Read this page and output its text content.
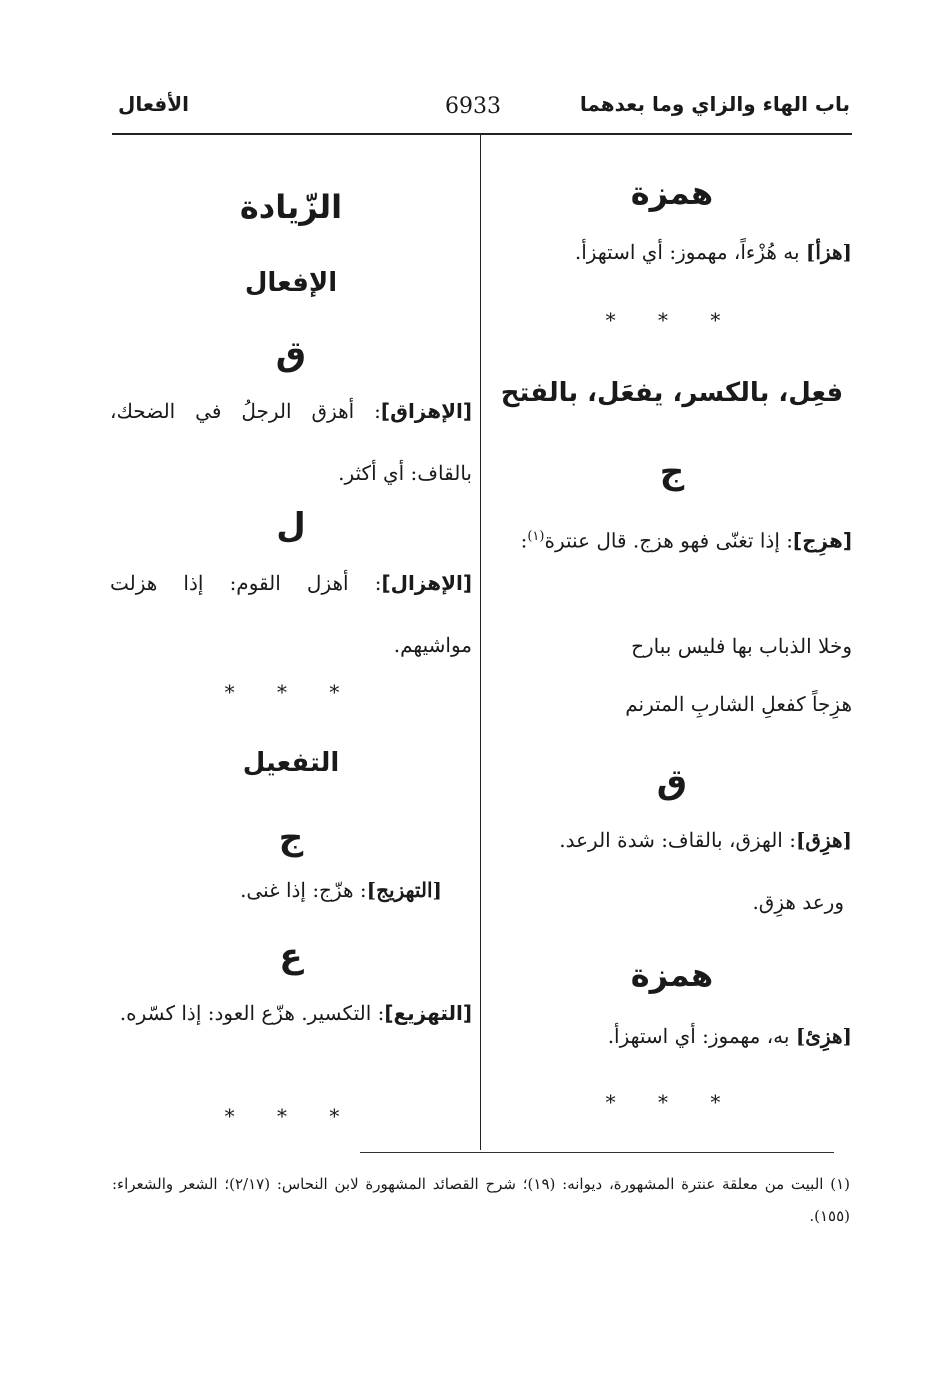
باب الهاء والزاي وما بعدهما
6933
الأفعال
همزة

[هزأ] به هُزْءاً، مهموز: أي استهزأ.

* * *
فعِل، بالكسر، يفعَل، بالفتح
ج

[هزِج]: إذا تغنّى فهو هزج. قال عنترة$^{(١)}$:

وخلا الذباب بها فليس ببارح

هزِجاً كفعلِ الشاربِ المترنم

ق

[هزِق]: الهزق، بالقاف: شدة الرعد.

ورعد هزِق.

همزة

[هزِئ] به، مهموز: أي استهزأ.

* * *
الزّيادة
الإفعال
ق

[الإهزاق]: أهزق الرجلُ في الضحك، بالقاف: أي أكثر.

ل

[الإهزال]: أهزل القوم: إذا هزلت مواشيهم.

* * *
التفعيل
ج

[التهزيج]: هزّج: إذا غنى.

ع

[التهزيع]: التكسير. هزّع العود: إذا كسّره.

* * *
(١) البيت من معلقة عنترة المشهورة، ديوانه: (١٩)؛ شرح القصائد المشهورة لابن النحاس: (٢/١٧)؛ الشعر والشعراء: (١٥٥).
